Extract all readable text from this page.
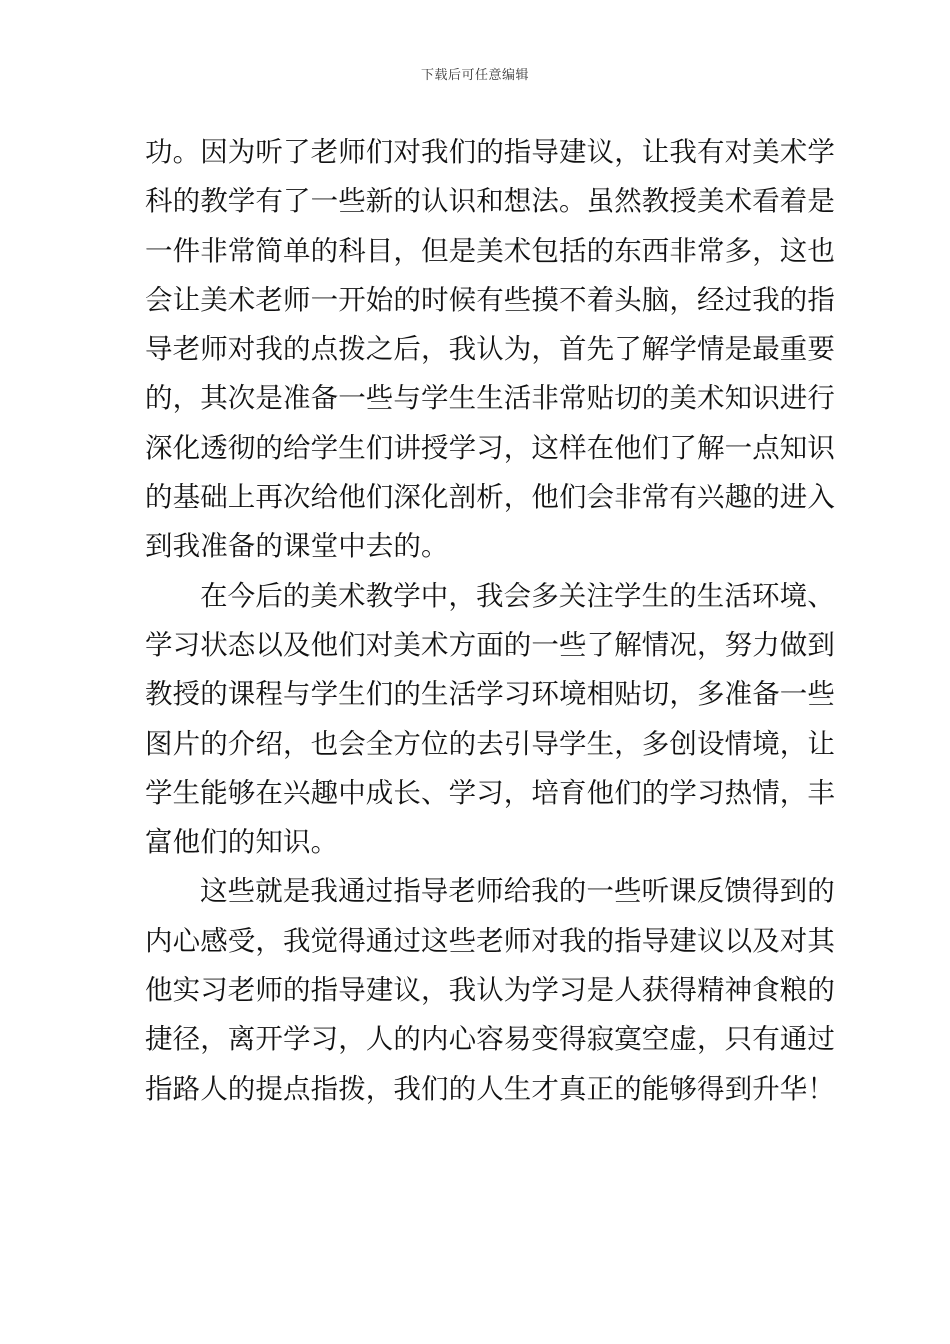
下载后可任意编辑
功。因为听了老师们对我们的指导建议，让我有对美术学
科的教学有了一些新的认识和想法。虽然教授美术看着是
一件非常简单的科目，但是美术包括的东西非常多，这也
会让美术老师一开始的时候有些摸不着头脑，经过我的指
导老师对我的点拨之后，我认为，首先了解学情是最重要
的，其次是准备一些与学生生活非常贴切的美术知识进行
深化透彻的给学生们讲授学习，这样在他们了解一点知识
的基础上再次给他们深化剖析，他们会非常有兴趣的进入
到我准备的课堂中去的。
在今后的美术教学中，我会多关注学生的生活环境、
学习状态以及他们对美术方面的一些了解情况，努力做到
教授的课程与学生们的生活学习环境相贴切，多准备一些
图片的介绍，也会全方位的去引导学生，多创设情境，让
学生能够在兴趣中成长、学习，培育他们的学习热情，丰
富他们的知识。
这些就是我通过指导老师给我的一些听课反馈得到的
内心感受，我觉得通过这些老师对我的指导建议以及对其
他实习老师的指导建议，我认为学习是人获得精神食粮的
捷径，离开学习，人的内心容易变得寂寞空虚，只有通过
指路人的提点指拨，我们的人生才真正的能够得到升华！
